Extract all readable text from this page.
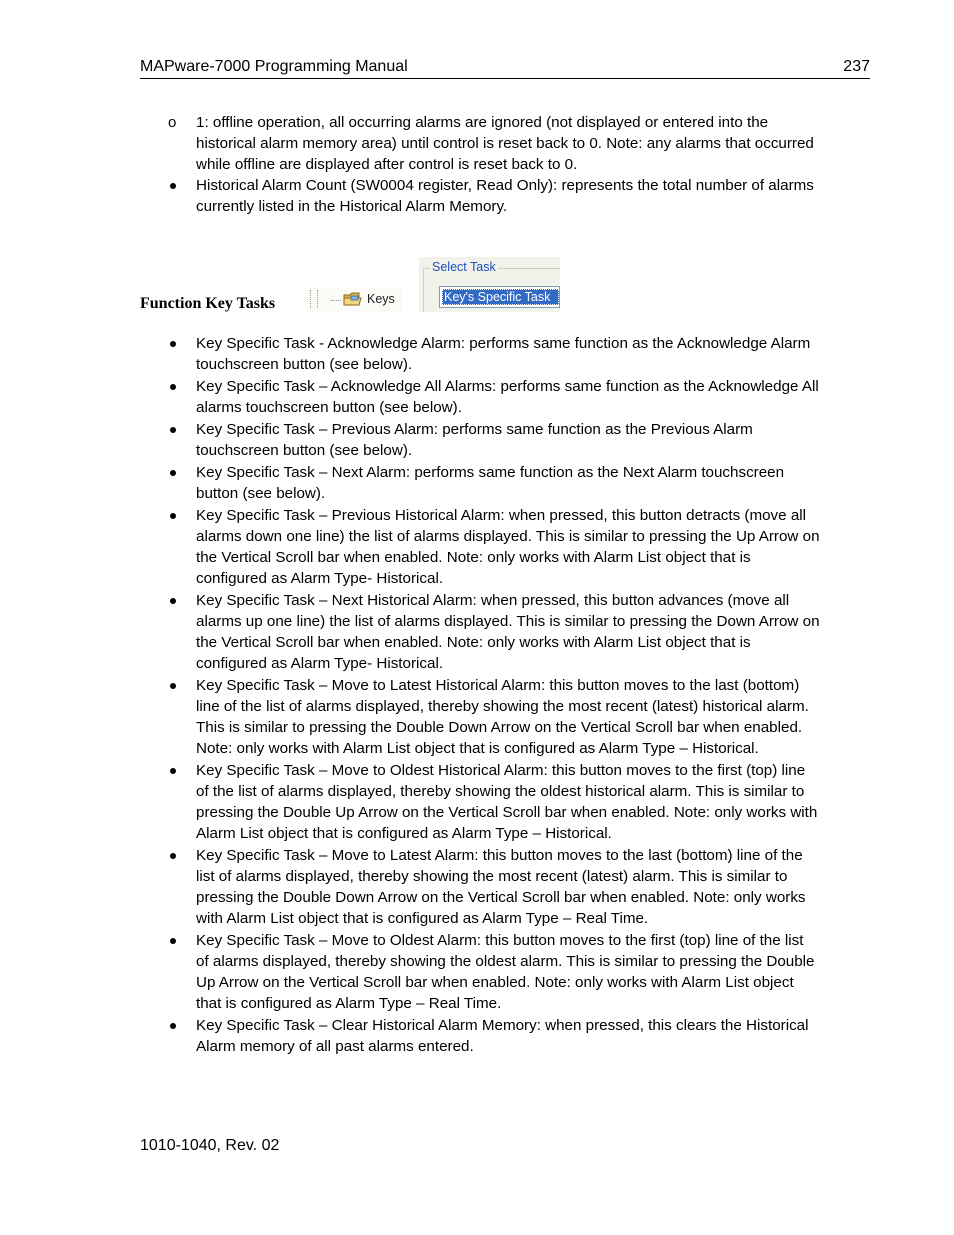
MAPware-7000 Programming Manual	237
o 1: offline operation, all occurring alarms are ignored (not displayed or entered into the historical alarm memory area) until control is reset back to 0. Note: any alarms that occurred while offline are displayed after control is reset back to 0.
Historical Alarm Count (SW0004 register, Read Only): represents the total number of alarms currently listed in the Historical Alarm Memory.
Function Key Tasks	Keys
Select Task
Key's Specific Task
Key Specific Task - Acknowledge Alarm: performs same function as the Acknowledge Alarm touchscreen button (see below).
Key Specific Task – Acknowledge All Alarms: performs same function as the Acknowledge All alarms touchscreen button (see below).
Key Specific Task – Previous Alarm: performs same function as the Previous Alarm touchscreen button (see below).
Key Specific Task – Next Alarm: performs same function as the Next Alarm touchscreen button (see below).
Key Specific Task – Previous Historical Alarm: when pressed, this button detracts (move all alarms down one line) the list of alarms displayed. This is similar to pressing the Up Arrow on the Vertical Scroll bar when enabled. Note: only works with Alarm List object that is configured as Alarm Type- Historical.
Key Specific Task – Next Historical Alarm: when pressed, this button advances (move all alarms up one line) the list of alarms displayed. This is similar to pressing the Down Arrow on the Vertical Scroll bar when enabled. Note: only works with Alarm List object that is configured as Alarm Type- Historical.
Key Specific Task – Move to Latest Historical Alarm: this button moves to the last (bottom) line of the list of alarms displayed, thereby showing the most recent (latest) historical alarm. This is similar to pressing the Double Down Arrow on the Vertical Scroll bar when enabled. Note: only works with Alarm List object that is configured as Alarm Type – Historical.
Key Specific Task – Move to Oldest Historical Alarm: this button moves to the first (top) line of the list of alarms displayed, thereby showing the oldest historical alarm. This is similar to pressing the Double Up Arrow on the Vertical Scroll bar when enabled. Note: only works with Alarm List object that is configured as Alarm Type – Historical.
Key Specific Task – Move to Latest Alarm: this button moves to the last (bottom) line of the list of alarms displayed, thereby showing the most recent (latest) alarm. This is similar to pressing the Double Down Arrow on the Vertical Scroll bar when enabled. Note: only works with Alarm List object that is configured as Alarm Type – Real Time.
Key Specific Task – Move to Oldest Alarm: this button moves to the first (top) line of the list of alarms displayed, thereby showing the oldest alarm. This is similar to pressing the Double Up Arrow on the Vertical Scroll bar when enabled. Note: only works with Alarm List object that is configured as Alarm Type – Real Time.
Key Specific Task – Clear Historical Alarm Memory: when pressed, this clears the Historical Alarm memory of all past alarms entered.
1010-1040, Rev. 02
